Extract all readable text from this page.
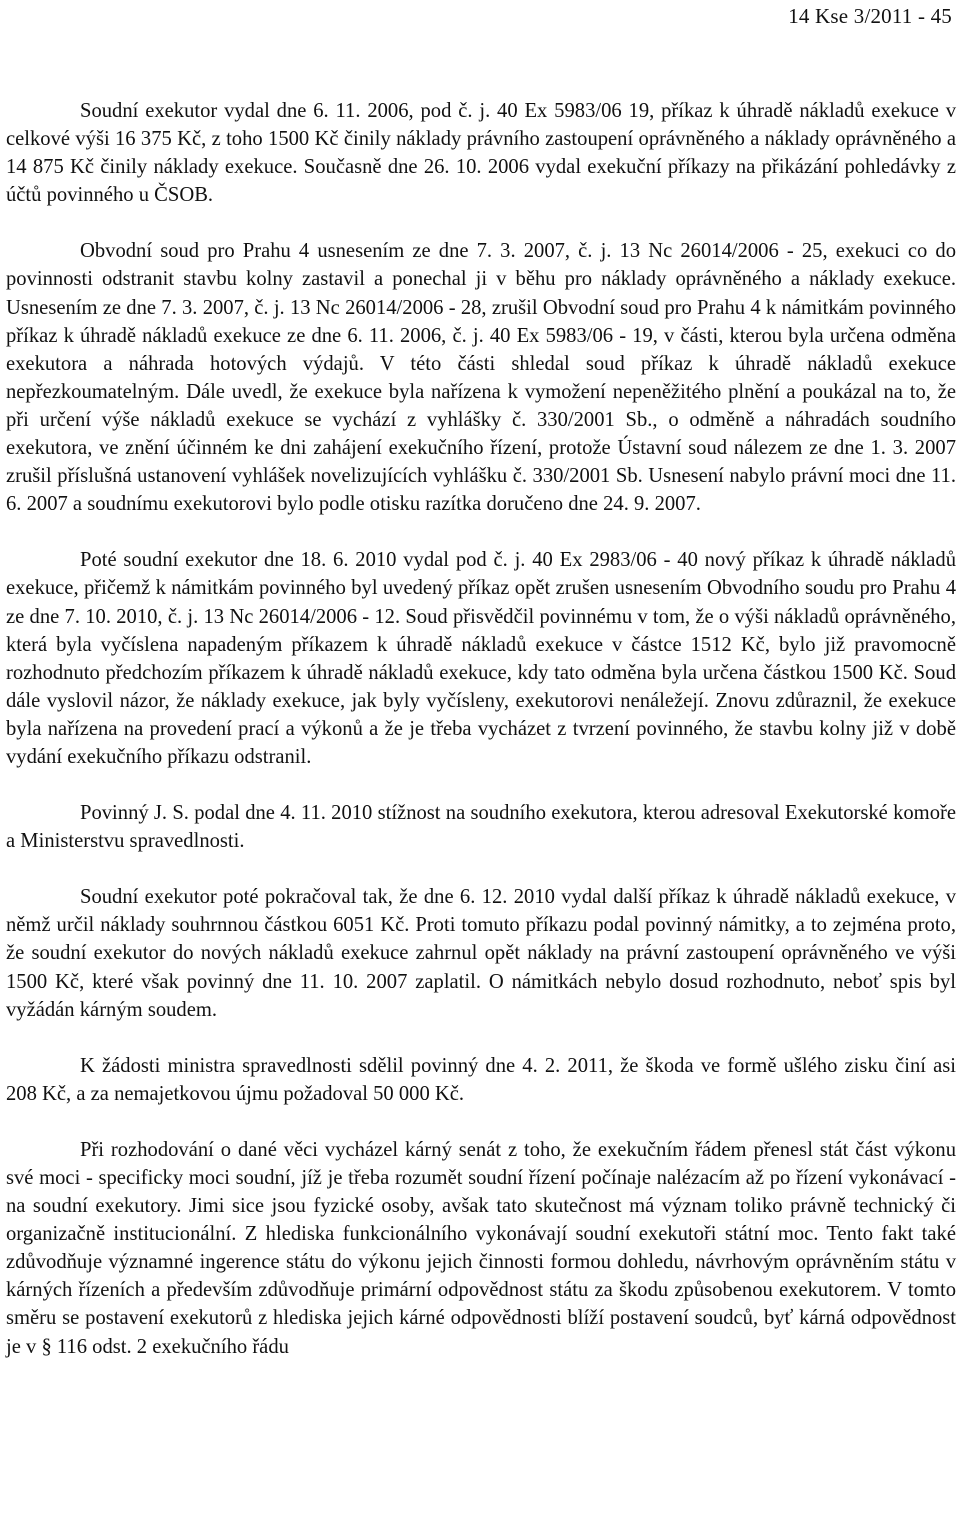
14 Kse 3/2011 - 45

Soudní exekutor vydal dne 6. 11. 2006, pod č. j. 40 Ex 5983/06 19, příkaz k úhradě nákladů exekuce v celkové výši 16 375 Kč, z toho 1500 Kč činily náklady právního zastoupení oprávněného a náklady oprávněného a 14 875 Kč činily náklady exekuce. Současně dne 26. 10. 2006 vydal exekuční příkazy na přikázání pohledávky z účtů povinného u ČSOB.

Obvodní soud pro Prahu 4 usnesením ze dne 7. 3. 2007, č. j. 13 Nc 26014/2006 - 25, exekuci co do povinnosti odstranit stavbu kolny zastavil a ponechal ji v běhu pro náklady oprávněného a náklady exekuce. Usnesením ze dne 7. 3. 2007, č. j. 13 Nc 26014/2006 - 28, zrušil Obvodní soud pro Prahu 4 k námitkám povinného příkaz k úhradě nákladů exekuce ze dne 6. 11. 2006, č. j. 40 Ex 5983/06 - 19, v části, kterou byla určena odměna exekutora a náhrada hotových výdajů. V této části shledal soud příkaz k úhradě nákladů exekuce nepřezkoumatelným. Dále uvedl, že exekuce byla nařízena k vymožení nepeněžitého plnění a poukázal na to, že při určení výše nákladů exekuce se vychází z vyhlášky č. 330/2001 Sb., o odměně a náhradách soudního exekutora, ve znění účinném ke dni zahájení exekučního řízení, protože Ústavní soud nálezem ze dne 1. 3. 2007 zrušil příslušná ustanovení vyhlášek novelizujících vyhlášku č. 330/2001 Sb. Usnesení nabylo právní moci dne 11. 6. 2007 a soudnímu exekutorovi bylo podle otisku razítka doručeno dne 24. 9. 2007.

Poté soudní exekutor dne 18. 6. 2010 vydal pod č. j. 40 Ex 2983/06 - 40 nový příkaz k úhradě nákladů exekuce, přičemž k námitkám povinného byl uvedený příkaz opět zrušen usnesením Obvodního soudu pro Prahu 4 ze dne 7. 10. 2010, č. j. 13 Nc 26014/2006 - 12. Soud přisvědčil povinnému v tom, že o výši nákladů oprávněného, která byla vyčíslena napadeným příkazem k úhradě nákladů exekuce v částce 1512 Kč, bylo již pravomocně rozhodnuto předchozím příkazem k úhradě nákladů exekuce, kdy tato odměna byla určena částkou 1500 Kč. Soud dále vyslovil názor, že náklady exekuce, jak byly vyčísleny, exekutorovi nenáležejí. Znovu zdůraznil, že exekuce byla nařízena na provedení prací a výkonů a že je třeba vycházet z tvrzení povinného, že stavbu kolny již v době vydání exekučního příkazu odstranil.

Povinný J. S. podal dne 4. 11. 2010 stížnost na soudního exekutora, kterou adresoval Exekutorské komoře a Ministerstvu spravedlnosti.

Soudní exekutor poté pokračoval tak, že dne 6. 12. 2010 vydal další příkaz k úhradě nákladů exekuce, v němž určil náklady souhrnnou částkou 6051 Kč. Proti tomuto příkazu podal povinný námitky, a to zejména proto, že soudní exekutor do nových nákladů exekuce zahrnul opět náklady na právní zastoupení oprávněného ve výši 1500 Kč, které však povinný dne 11. 10. 2007 zaplatil. O námitkách nebylo dosud rozhodnuto, neboť spis byl vyžádán kárným soudem.

K žádosti ministra spravedlnosti sdělil povinný dne 4. 2. 2011, že škoda ve formě ušlého zisku činí asi 208 Kč, a za nemajetkovou újmu požadoval 50 000 Kč.

Při rozhodování o dané věci vycházel kárný senát z toho, že exekučním řádem přenesl stát část výkonu své moci - specificky moci soudní, jíž je třeba rozumět soudní řízení počínaje nalézacím až po řízení vykonávací - na soudní exekutory. Jimi sice jsou fyzické osoby, avšak tato skutečnost má význam toliko právně technický či organizačně institucionální. Z hlediska funkcionálního vykonávají soudní exekutoři státní moc. Tento fakt také zdůvodňuje významné ingerence státu do výkonu jejich činnosti formou dohledu, návrhovým oprávněním státu v kárných řízeních a především zdůvodňuje primární odpovědnost státu za škodu způsobenou exekutorem. V tomto směru se postavení exekutorů z hlediska jejich kárné odpovědnosti blíží postavení soudců, byť kárná odpovědnost je v § 116 odst. 2 exekučního řádu
